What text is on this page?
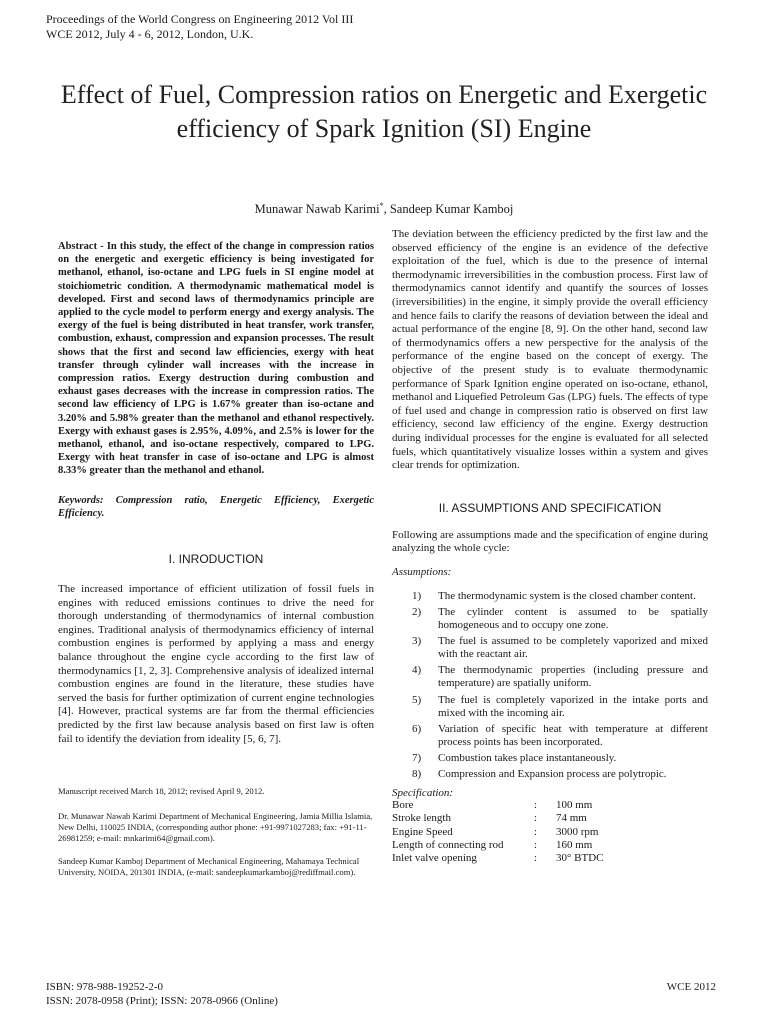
Proceedings of the World Congress on Engineering 2012 Vol III
WCE 2012, July 4 - 6, 2012, London, U.K.
Effect of Fuel, Compression ratios on Energetic and Exergetic efficiency of Spark Ignition (SI) Engine
Munawar Nawab Karimi*, Sandeep Kumar Kamboj

Abstract - In this study, the effect of the change in compression ratios on the energetic and exergetic efficiency is being investigated for methanol, ethanol, iso-octane and LPG fuels in SI engine model at stoichiometric condition. A thermodynamic mathematical model is developed. First and second laws of thermodynamics principle are applied to the cycle model to perform energy and exergy analysis. The exergy of the fuel is being distributed in heat transfer, work transfer, combustion, exhaust, compression and expansion processes. The result shows that the first and second law efficiencies, exergy with heat transfer through cylinder wall increases with the increase in compression ratios. Exergy destruction during combustion and exhaust gases decreases with the increase in compression ratios. The second law efficiency of LPG is 1.67% greater than iso-octane and 3.20% and 5.98% greater than the methanol and ethanol respectively. Exergy with exhaust gases is 2.95%, 4.09%, and 2.5% is lower for the methanol, ethanol, and iso-octane respectively, compared to LPG. Exergy with heat transfer in case of iso-octane and LPG is almost 8.33% greater than the methanol and ethanol.

Keywords: Compression ratio, Energetic Efficiency, Exergetic Efficiency.

I. INRODUCTION

The increased importance of efficient utilization of fossil fuels in engines with reduced emissions continues to drive the need for thorough understanding of thermodynamics of internal combustion engines. Traditional analysis of thermodynamics efficiency of internal combustion engines is performed by applying a mass and energy balance throughout the engine cycle according to the first law of thermodynamics [1, 2, 3]. Comprehensive analysis of idealized internal combustion engines are found in the literature, these studies have served the basis for further optimization of current engine technologies [4]. However, practical systems are far from the thermal efficiencies predicted by the first law because analysis based on first law is often fail to identify the deviation from ideality [5, 6, 7].

Manuscript received March 18, 2012; revised April 9, 2012.

Dr. Munawar Nawab Karimi Department of Mechanical Engineering, Jamia Millia Islamia, New Delhi, 110025 INDIA, (corresponding author phone: +91-9971027283; fax: +91-11-26981259; e-mail: mnkarimi64@gmail.com).

Sandeep Kumar Kamboj Department of Mechanical Engineering, Mahamaya Technical University, NOIDA, 201301 INDIA, (e-mail: sandeepkumarkamboj@rediffmail.com).

The deviation between the efficiency predicted by the first law and the observed efficiency of the engine is an evidence of the defective exploitation of the fuel, which is due to the presence of internal thermodynamic irreversibilities in the combustion process. First law of thermodynamics cannot identify and quantify the sources of losses (irreversibilities) in the engine, it simply provide the overall efficiency and hence fails to clarify the reasons of deviation between the ideal and actual performance of the engine [8, 9]. On the other hand, second law of thermodynamics offers a new perspective for the analysis of the performance of the engine based on the concept of exergy. The objective of the present study is to evaluate thermodynamic performance of Spark Ignition engine operated on iso-octane, ethanol, methanol and Liquefied Petroleum Gas (LPG) fuels. The effects of type of fuel used and change in compression ratio is observed on first law efficiency, second law efficiency of the engine. Exergy destruction during individual processes for the engine is evaluated for all selected fuels, which quantitatively visualize losses within a system and gives clear trends for optimization.

II. ASSUMPTIONS AND SPECIFICATION

Following are assumptions made and the specification of engine during analyzing the whole cycle:

Assumptions:
1)	The thermodynamic system is the closed chamber content.
2)	The cylinder content is assumed to be spatially homogeneous and to occupy one zone.
3)	The fuel is assumed to be completely vaporized and mixed with the reactant air.
4)	The thermodynamic properties (including pressure and temperature) are spatially uniform.
5)	The fuel is completely vaporized in the intake ports and mixed with the incoming air.
6)	Variation of specific heat with temperature at different process points has been incorporated.
7)	Combustion takes place instantaneously.
8)	Compression and Expansion process are polytropic.
Specification:
Bore	:	100 mm
Stroke length	:	74 mm
Engine Speed	:	3000 rpm
Length of connecting rod	:	160 mm
Inlet valve opening	:	30° BTDC
ISBN: 978-988-19252-2-0
ISSN: 2078-0958 (Print); ISSN: 2078-0966 (Online)
WCE 2012
